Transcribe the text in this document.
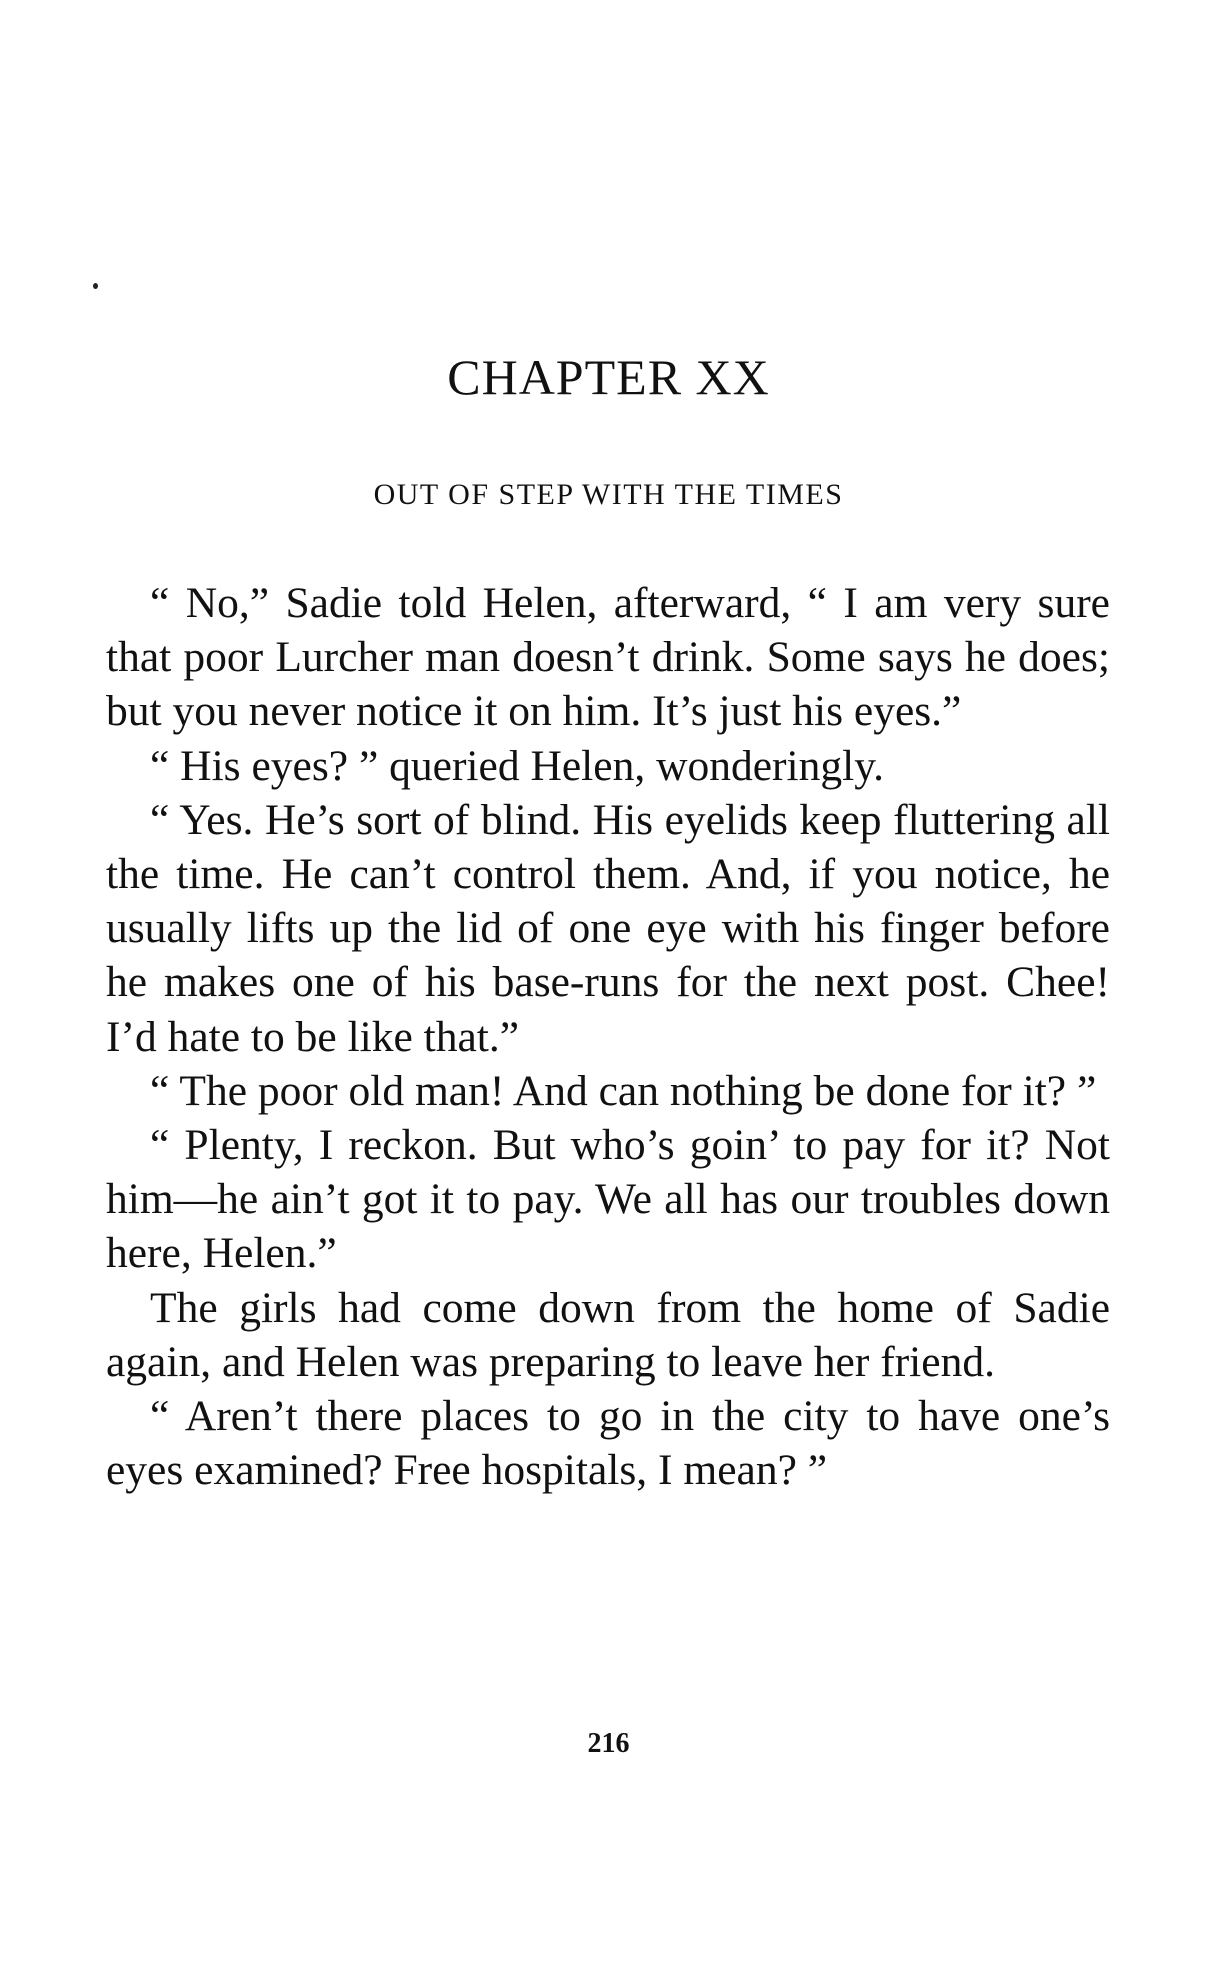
CHAPTER XX
OUT OF STEP WITH THE TIMES

“ No,” Sadie told Helen, afterward, “ I am very sure that poor Lurcher man doesn’t drink. Some says he does; but you never notice it on him. It’s just his eyes.”

“ His eyes? ” queried Helen, wonderingly.

“ Yes. He’s sort of blind. His eyelids keep fluttering all the time. He can’t control them. And, if you notice, he usually lifts up the lid of one eye with his finger before he makes one of his base-runs for the next post. Chee! I’d hate to be like that.”

“ The poor old man! And can nothing be done for it? ”

“ Plenty, I reckon. But who’s goin’ to pay for it? Not him—he ain’t got it to pay. We all has our troubles down here, Helen.”

The girls had come down from the home of Sadie again, and Helen was preparing to leave her friend.

“ Aren’t there places to go in the city to have one’s eyes examined? Free hospitals, I mean? ”

216
